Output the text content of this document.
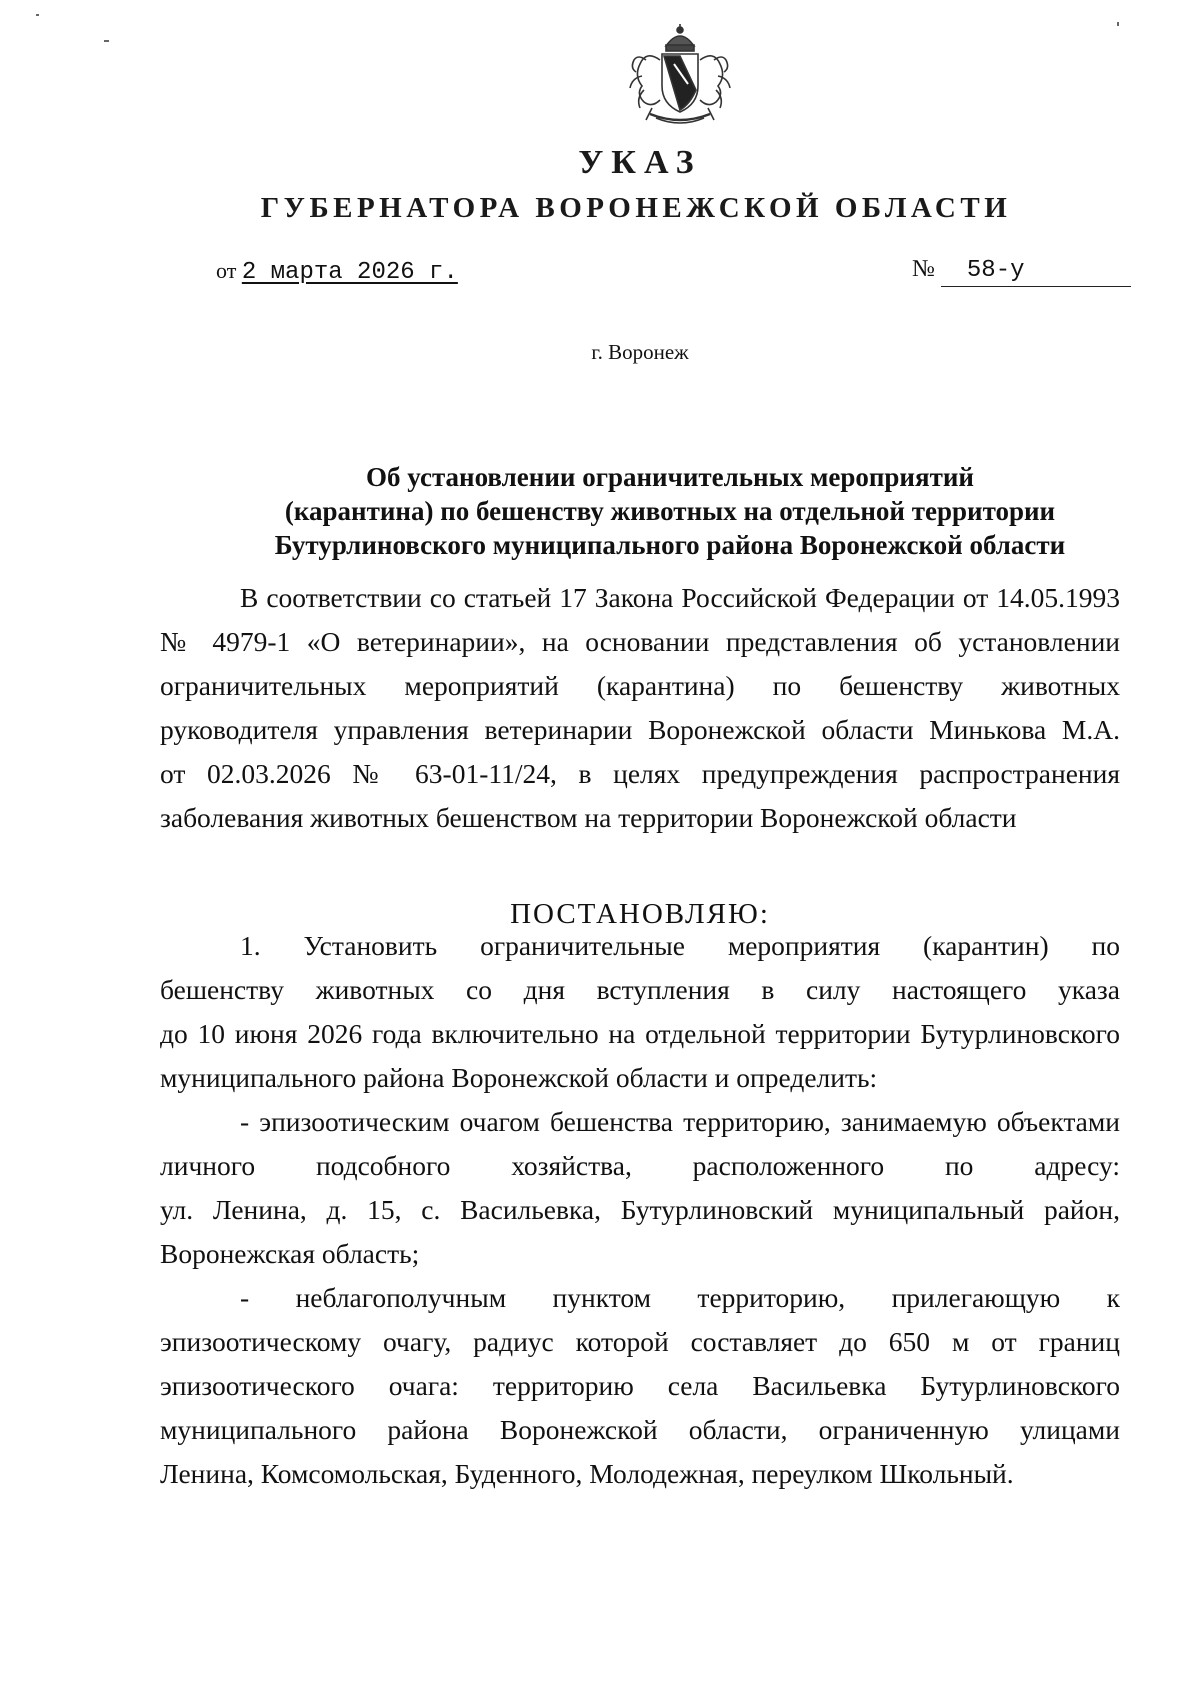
УКАЗ
ГУБЕРНАТОРА ВОРОНЕЖСКОЙ ОБЛАСТИ
от 2 марта 2026 г.	№ 58-у
г. Воронеж
Об установлении ограничительных мероприятий
(карантина) по бешенству животных на отдельной территории
Бутурлиновского муниципального района Воронежской области
В соответствии со статьей 17 Закона Российской Федерации от 14.05.1993
№ 4979-1 «О ветеринарии», на основании представления об установлении
ограничительных мероприятий (карантина) по бешенству животных
руководителя управления ветеринарии Воронежской области Минькова М.А.
от 02.03.2026 № 63-01-11/24, в целях предупреждения распространения
заболевания животных бешенством на территории Воронежской области
ПОСТАНОВЛЯЮ:
1. Установить ограничительные мероприятия (карантин) по
бешенству животных со дня вступления в силу настоящего указа
до 10 июня 2026 года включительно на отдельной территории Бутурлиновского
муниципального района Воронежской области и определить:
- эпизоотическим очагом бешенства территорию, занимаемую объектами
личного подсобного хозяйства, расположенного по адресу:
ул. Ленина, д. 15, с. Васильевка, Бутурлиновский муниципальный район,
Воронежская область;
- неблагополучным пунктом территорию, прилегающую к
эпизоотическому очагу, радиус которой составляет до 650 м от границ
эпизоотического очага: территорию села Васильевка Бутурлиновского
муниципального района Воронежской области, ограниченную улицами
Ленина, Комсомольская, Буденного, Молодежная, переулком Школьный.
